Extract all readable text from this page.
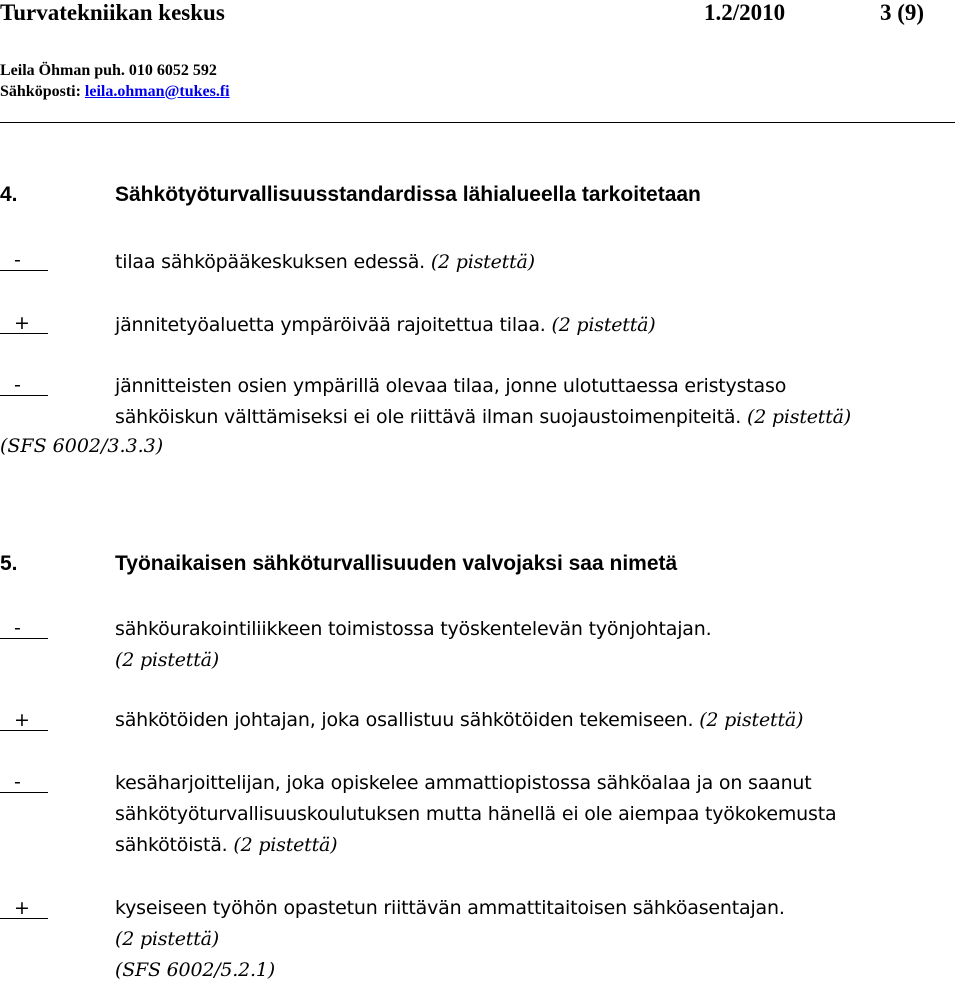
Turvatekniikan keskus	1.2/2010	3 (9)
Leila Öhman puh. 010 6052 592
Sähköposti: leila.ohman@tukes.fi
4.	Sähkötyöturvallisuusstandardissa lähialueella tarkoitetaan
-	tilaa sähköpääkeskuksen edessä. (2 pistettä)
+	jännitetyöaluetta ympäröivää rajoitettua tilaa. (2 pistettä)
-	jännitteisten osien ympärillä olevaa tilaa, jonne ulotuttaessa eristystaso
sähköiskun välttämiseksi ei ole riittävä ilman suojaustoimenpiteitä. (2 pistettä)
(SFS 6002/3.3.3)
5.	Työnaikaisen sähköturvallisuuden valvojaksi saa nimetä
-	sähköurakointiliikkeen toimistossa työskentelevän työnjohtajan.
(2 pistettä)
+	sähkötöiden johtajan, joka osallistuu sähkötöiden tekemiseen. (2 pistettä)
-	kesäharjoittelijan, joka opiskelee ammattiopistossa sähköalaa ja on saanut
sähkötyöturvallisuuskoulutuksen mutta hänellä ei ole aiempaa työkokemusta
sähkötöistä. (2 pistettä)
+	kyseiseen työhön opastetun riittävän ammattitaitoisen sähköasentajan.
(2 pistettä)
(SFS 6002/5.2.1)
